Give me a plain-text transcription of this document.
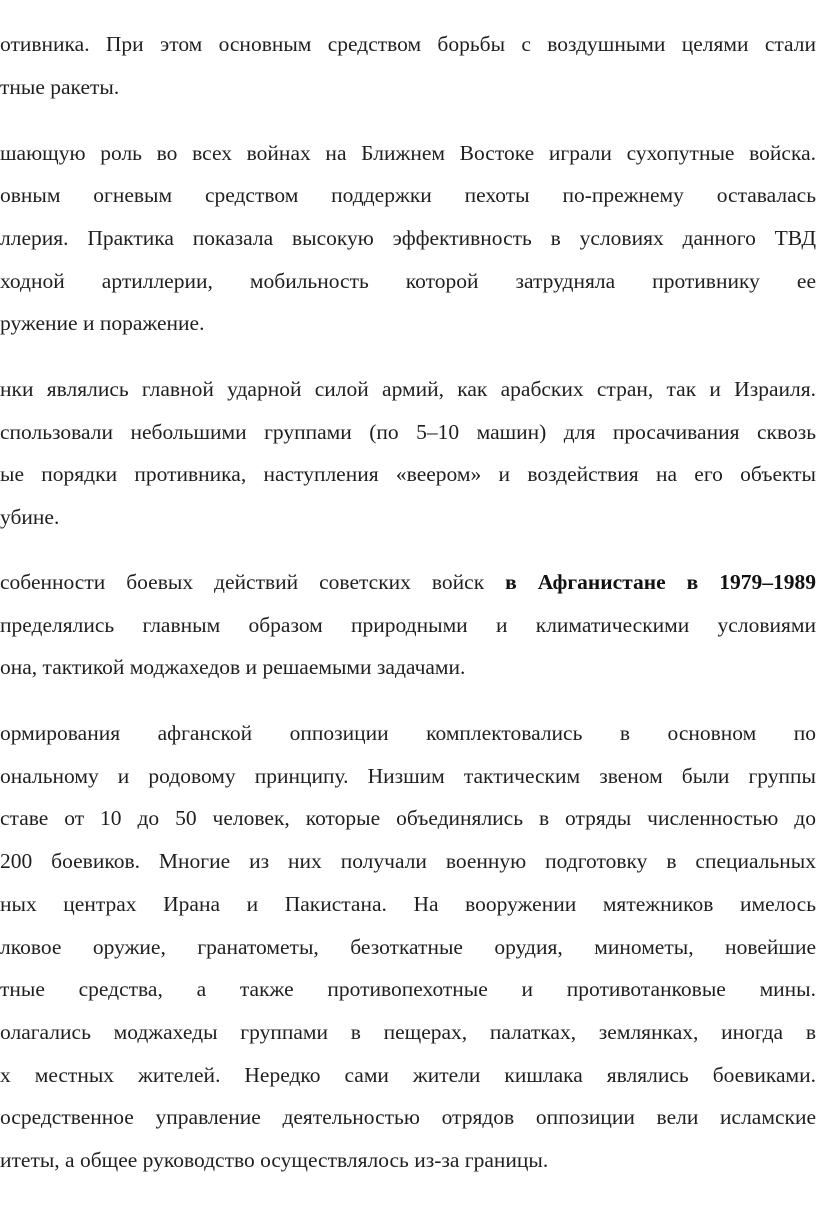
отивника. При этом основным средством борьбы с воздушными целями стали
тные ракеты.
шающую роль во всех войнах на Ближнем Востоке играли сухопутные войска.
овным огневым средством поддержки пехоты по-прежнему оставалась
ллерия. Практика показала высокую эффективность в условиях данного ТВД
ходной артиллерии, мобильность которой затрудняла противнику ее
ружение и поражение.
нки являлись главной ударной силой армий, как арабских стран, так и Израиля.
спользовали небольшими группами (по 5–10 машин) для просачивания сквозь
ые порядки противника, наступления «веером» и воздействия на его объекты
убине.
собенности боевых действий советских войск в Афганистане в 1979–1989
пределялись главным образом природными и климатическими условиями
она, тактикой моджахедов и решаемыми задачами.
ормирования афганской оппозиции комплектовались в основном по
ональному и родовому принципу. Низшим тактическим звеном были группы
ставе от 10 до 50 человек, которые объединялись в отряды численностью до
200 боевиков. Многие из них получали военную подготовку в специальных
ных центрах Ирана и Пакистана. На вооружении мятежников имелось
лковое оружие, гранатометы, безоткатные орудия, минометы, новейшие
тные средства, а также противопехотные и противотанковые мины.
олагались моджахеды группами в пещерах, палатках, землянках, иногда в
х местных жителей. Нередко сами жители кишлака являлись боевиками.
осредственное управление деятельностью отрядов оппозиции вели исламские
итеты, а общее руководство осуществлялось из-за границы.
